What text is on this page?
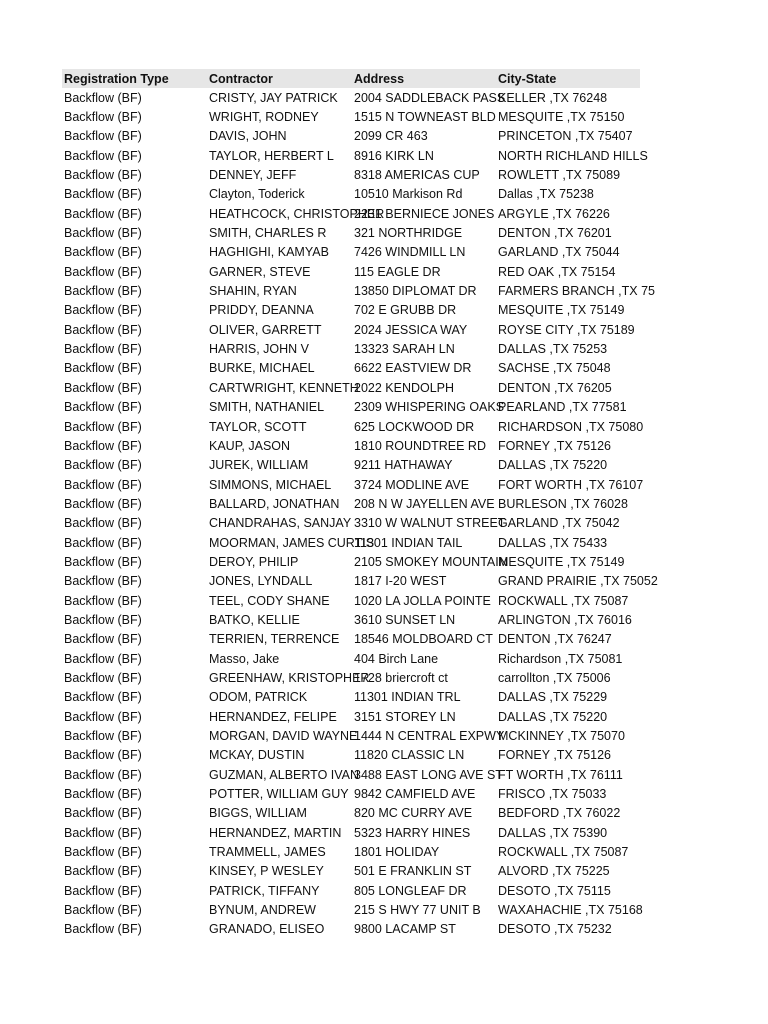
Registration Type	Contractor	Address	City-State
Backflow (BF)	CRISTY, JAY PATRICK	2004 SADDLEBACK PASS	KELLER ,TX 76248
Backflow (BF)	WRIGHT, RODNEY	1515 N TOWNEAST BLD	MESQUITE ,TX 75150
Backflow (BF)	DAVIS, JOHN	2099 CR 463	PRINCETON ,TX 75407
Backflow (BF)	TAYLOR, HERBERT L	8916 KIRK LN	NORTH RICHLAND HILLS
Backflow (BF)	DENNEY, JEFF	8318 AMERICAS CUP	ROWLETT ,TX 75089
Backflow (BF)	Clayton, Toderick	10510 Markison Rd	Dallas ,TX 75238
Backflow (BF)	HEATHCOCK, CHRISTOPHER	2231 BERNIECE JONES	ARGYLE ,TX 76226
Backflow (BF)	SMITH, CHARLES R	321 NORTHRIDGE	DENTON ,TX 76201
Backflow (BF)	HAGHIGHI, KAMYAB	7426 WINDMILL LN	GARLAND ,TX 75044
Backflow (BF)	GARNER, STEVE	115 EAGLE DR	RED OAK ,TX 75154
Backflow (BF)	SHAHIN, RYAN	13850 DIPLOMAT DR	FARMERS BRANCH ,TX 75
Backflow (BF)	PRIDDY, DEANNA	702 E GRUBB DR	MESQUITE ,TX 75149
Backflow (BF)	OLIVER, GARRETT	2024 JESSICA WAY	ROYSE CITY ,TX 75189
Backflow (BF)	HARRIS, JOHN V	13323 SARAH LN	DALLAS ,TX 75253
Backflow (BF)	BURKE, MICHAEL	6622 EASTVIEW DR	SACHSE ,TX 75048
Backflow (BF)	CARTWRIGHT, KENNETH	2022 KENDOLPH	DENTON ,TX 76205
Backflow (BF)	SMITH, NATHANIEL	2309 WHISPERING OAKS	PEARLAND ,TX 77581
Backflow (BF)	TAYLOR, SCOTT	625 LOCKWOOD DR	RICHARDSON ,TX 75080
Backflow (BF)	KAUP, JASON	1810 ROUNDTREE RD	FORNEY ,TX 75126
Backflow (BF)	JUREK, WILLIAM	9211 HATHAWAY	DALLAS ,TX 75220
Backflow (BF)	SIMMONS, MICHAEL	3724 MODLINE AVE	FORT WORTH ,TX 76107
Backflow (BF)	BALLARD, JONATHAN	208 N W JAYELLEN AVE	BURLESON ,TX 76028
Backflow (BF)	CHANDRAHAS, SANJAY	3310 W WALNUT STREET	GARLAND ,TX 75042
Backflow (BF)	MOORMAN, JAMES CURTIS	11301 INDIAN TAIL	DALLAS ,TX 75433
Backflow (BF)	DEROY, PHILIP	2105 SMOKEY MOUNTAIN	MESQUITE ,TX 75149
Backflow (BF)	JONES, LYNDALL	1817 I-20 WEST	GRAND PRAIRIE ,TX 75052
Backflow (BF)	TEEL, CODY SHANE	1020 LA JOLLA POINTE	ROCKWALL ,TX 75087
Backflow (BF)	BATKO, KELLIE	3610 SUNSET LN	ARLINGTON ,TX 76016
Backflow (BF)	TERRIEN, TERRENCE	18546 MOLDBOARD CT	DENTON ,TX 76247
Backflow (BF)	Masso, Jake	404 Birch Lane	Richardson ,TX 75081
Backflow (BF)	GREENHAW, KRISTOPHER	1728 briercroft ct	carrollton ,TX 75006
Backflow (BF)	ODOM, PATRICK	11301 INDIAN TRL	DALLAS ,TX 75229
Backflow (BF)	HERNANDEZ, FELIPE	3151 STOREY LN	DALLAS ,TX 75220
Backflow (BF)	MORGAN, DAVID WAYNE	1444 N CENTRAL EXPWY	MCKINNEY ,TX 75070
Backflow (BF)	MCKAY, DUSTIN	11820 CLASSIC LN	FORNEY ,TX 75126
Backflow (BF)	GUZMAN, ALBERTO IVAN	3488 EAST LONG AVE ST	FT WORTH ,TX 76111
Backflow (BF)	POTTER, WILLIAM GUY	9842 CAMFIELD AVE	FRISCO ,TX 75033
Backflow (BF)	BIGGS, WILLIAM	820 MC CURRY AVE	BEDFORD ,TX 76022
Backflow (BF)	HERNANDEZ, MARTIN	5323 HARRY HINES	DALLAS ,TX 75390
Backflow (BF)	TRAMMELL, JAMES	1801 HOLIDAY	ROCKWALL ,TX 75087
Backflow (BF)	KINSEY, P WESLEY	501 E FRANKLIN ST	ALVORD ,TX 75225
Backflow (BF)	PATRICK, TIFFANY	805 LONGLEAF DR	DESOTO ,TX 75115
Backflow (BF)	BYNUM, ANDREW	215 S HWY 77 UNIT B	WAXAHACHIE ,TX 75168
Backflow (BF)	GRANADO, ELISEO	9800 LACAMP ST	DESOTO ,TX 75232
